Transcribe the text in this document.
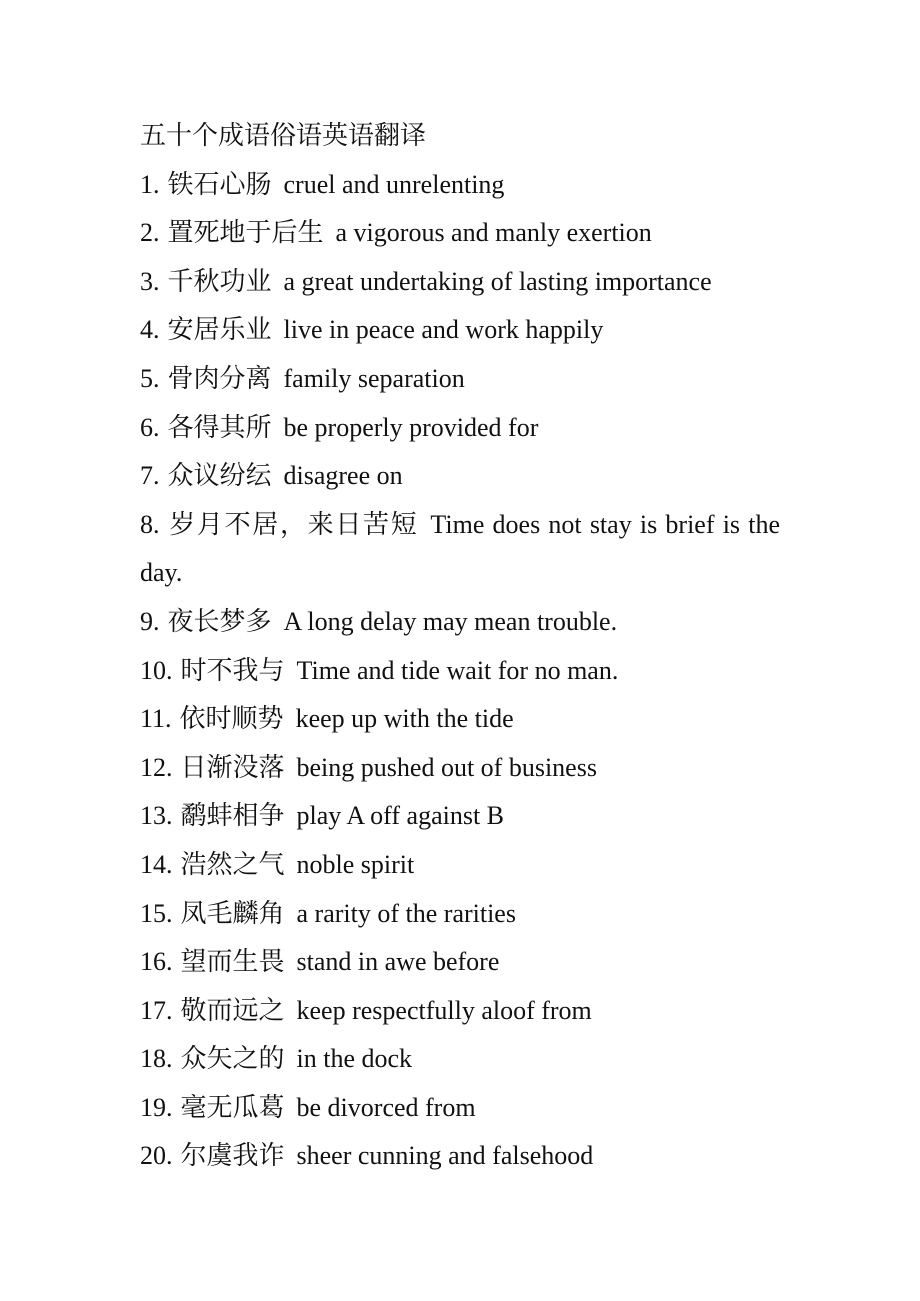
五十个成语俗语英语翻译
1. 铁石心肠 cruel and unrelenting
2. 置死地于后生 a vigorous and manly exertion
3. 千秋功业 a great undertaking of lasting importance
4. 安居乐业 live in peace and work happily
5. 骨肉分离 family separation
6. 各得其所 be properly provided for
7. 众议纷纭 disagree on
8. 岁月不居，来日苦短 Time does not stay is brief is the day.
9. 夜长梦多 A long delay may mean trouble.
10. 时不我与 Time and tide wait for no man.
11. 依时顺势 keep up with the tide
12. 日渐没落 being pushed out of business
13. 鹬蚌相争 play A off against B
14. 浩然之气 noble spirit
15. 凤毛麟角 a rarity of the rarities
16. 望而生畏 stand in awe before
17. 敬而远之 keep respectfully aloof from
18. 众矢之的 in the dock
19. 毫无瓜葛 be divorced from
20. 尔虞我诈 sheer cunning and falsehood
